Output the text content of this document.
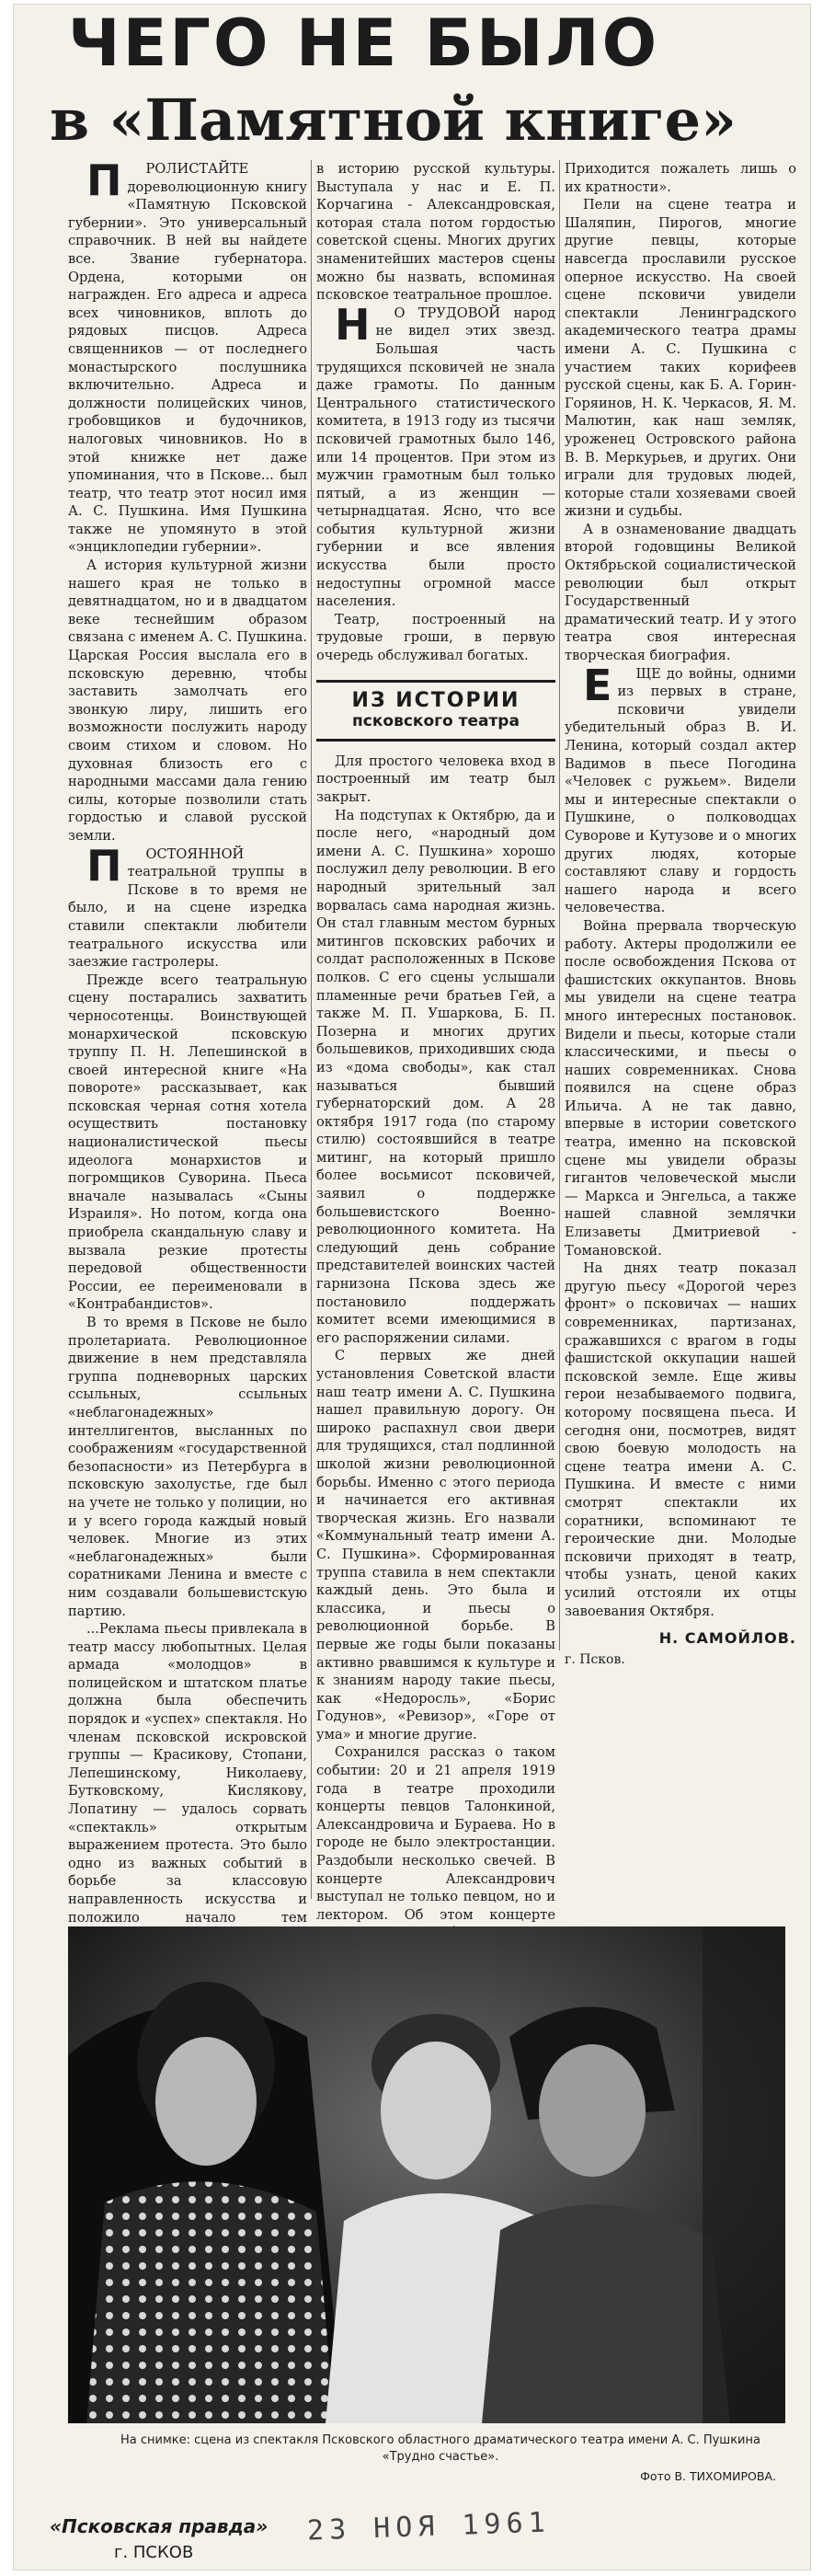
ЧЕГО НЕ БЫЛО
в «Памятной книге»

ПРОЛИСТАЙТЕ дореволюционную книгу «Памятную Псковской губернии». Это универсальный справочник. В ней вы найдете все. Звание губернатора. Ордена, которыми он награжден. Его адреса и адреса всех чиновников, вплоть до рядовых писцов. Адреса священников — от последнего монастырского послушника включительно. Адреса и должности полицейских чинов, гробовщиков и будочников, налоговых чиновников. Но в этой книжке нет даже упоминания, что в Пскове... был театр, что театр этот носил имя А. С. Пушкина. Имя Пушкина также не упомянуто в этой «энциклопедии губернии».

А история культурной жизни нашего края не только в девятнадцатом, но и в двадцатом веке теснейшим образом связана с именем А. С. Пушкина. Царская Россия выслала его в псковскую деревню, чтобы заставить замолчать его звонкую лиру, лишить его возможности послужить народу своим стихом и словом. Но духовная близость его с народными массами дала гению силы, которые позволили стать гордостью и славой русской земли.

ПОСТОЯННОЙ театральной труппы в Пскове в то время не было, и на сцене изредка ставили спектакли любители театрального искусства или заезжие гастролеры.

Прежде всего театральную сцену постарались захватить черносотенцы. Воинствующей монархической псковскую труппу П. Н. Лепешинской в своей интересной книге «На повороте» рассказывает, как псковская черная сотня хотела осуществить постановку националистической пьесы идеолога монархистов и погромщиков Суворина. Пьеса вначале называлась «Сыны Израиля». Но потом, когда она приобрела скандальную славу и вызвала резкие протесты передовой общественности России, ее переименовали в «Контрабандистов».

В то время в Пскове не было пролетариата. Революционное движение в нем представляла группа подневорных царских ссыльных, ссыльных «неблагонадежных» интеллигентов, высланных по соображениям «государственной безопасности» из Петербурга в псковскую захолустье, где был на учете не только у полиции, но и у всего города каждый новый человек. Многие из этих «неблагонадежных» были соратниками Ленина и вместе с ним создавали большевистскую партию.

...Реклама пьесы привлекала в театр массу любопытных. Целая армада «молодцов» в полицейском и штатском платье должна была обеспечить порядок и «успех» спектакля. Но членам псковской искровской группы — Красикову, Стопани, Лепешинскому, Николаеву, Бутковскому, Кислякову, Лопатину — удалось сорвать «спектакль» открытым выражением протеста. Это было одно из важных событий в борьбе за классовую направленность искусства и положило начало тем

в историю русской культуры. Выступала у нас и Е. П. Корчагина - Александровская, которая стала потом гордостью советской сцены. Многих других знаменитейших мастеров сцены можно бы назвать, вспоминая псковское театральное прошлое.

НО ТРУДОВОЙ народ не видел этих звезд. Большая часть трудящихся псковичей не знала даже грамоты. По данным Центрального статистического комитета, в 1913 году из тысячи псковичей грамотных было 146, или 14 процентов. При этом из мужчин грамотным был только пятый, а из женщин — четырнадцатая. Ясно, что все события культурной жизни губернии и все явления искусства были просто недоступны огромной массе населения.

Театр, построенный на трудовые гроши, в первую очередь обслуживал богатых.

ИЗ ИСТОРИИ
псковского театра

Для простого человека вход в построенный им театр был закрыт.

На подступах к Октябрю, да и после него, «народный дом имени А. С. Пушкина» хорошо послужил делу революции. В его народный зрительный зал ворвалась сама народная жизнь. Он стал главным местом бурных митингов псковских рабочих и солдат расположенных в Пскове полков. С его сцены услышали пламенные речи братьев Гей, а также М. П. Ушаркова, Б. П. Позерна и многих других большевиков, приходивших сюда из «дома свободы», как стал называться бывший губернаторский дом. А 28 октября 1917 года (по старому стилю) состоявшийся в театре митинг, на который пришло более восьмисот псковичей, заявил о поддержке большевистского Военно-революционного комитета. На следующий день собрание представителей воинских частей гарнизона Пскова здесь же постановило поддержать комитет всеми имеющимися в его распоряжении силами.

С первых же дней установления Советской власти наш театр имени А. С. Пушкина нашел правильную дорогу. Он широко распахнул свои двери для трудящихся, стал подлинной школой жизни революционной борьбы. Именно с этого периода и начинается его активная творческая жизнь. Его назвали «Коммунальный театр имени А. С. Пушкина». Сформированная труппа ставила в нем спектакли каждый день. Это была и классика, и пьесы о революционной борьбе. В первые же годы были показаны активно рвавшимся к культуре и к знаниям народу такие пьесы, как «Недоросль», «Борис Годунов», «Ревизор», «Горе от ума» и многие другие.

Сохранился рассказ о таком событии: 20 и 21 апреля 1919 года в театре проходили концерты певцов Талонкиной, Александровича и Бураева. Но в городе не было электростанции. Раздобыли несколько свечей. В концерте Александрович выступал не только певцом, но и лектором. Об этом концерте

Приходится пожалеть лишь о их кратности».

Пели на сцене театра и Шаляпин, Пирогов, многие другие певцы, которые навсегда прославили русское оперное искусство. На своей сцене псковичи увидели спектакли Ленинградского академического театра драмы имени А. С. Пушкина с участием таких корифеев русской сцены, как Б. А. Горин-Горяинов, Н. К. Черкасов, Я. М. Малютин, как наш земляк, уроженец Островского района В. В. Меркурьев, и других. Они играли для трудовых людей, которые стали хозяевами своей жизни и судьбы.

А в ознаменование двадцать второй годовщины Великой Октябрьской социалистической революции был открыт Государственный драматический театр. И у этого театра своя интересная творческая биография.

ЕЩЕ до войны, одними из первых в стране, псковичи увидели убедительный образ В. И. Ленина, который создал актер Вадимов в пьесе Погодина «Человек с ружьем». Видели мы и интересные спектакли о Пушкине, о полководцах Суворове и Кутузове и о многих других людях, которые составляют славу и гордость нашего народа и всего человечества.

Война прервала творческую работу. Актеры продолжили ее после освобождения Пскова от фашистских оккупантов. Вновь мы увидели на сцене театра много интересных постановок. Видели и пьесы, которые стали классическими, и пьесы о наших современниках. Снова появился на сцене образ Ильича. А не так давно, впервые в истории советского театра, именно на псковской сцене мы увидели образы гигантов человеческой мысли — Маркса и Энгельса, а также нашей славной землячки Елизаветы Дмитриевой - Томановской.

На днях театр показал другую пьесу «Дорогой через фронт» о псковичах — наших современниках, партизанах, сражавшихся с врагом в годы фашистской оккупации нашей псковской земле. Еще живы герои незабываемого подвига, которому посвящена пьеса. И сегодня они, посмотрев, видят свою боевую молодость на сцене театра имени А. С. Пушкина. И вместе с ними смотрят спектакли их соратники, вспоминают те героические дни. Молодые псковичи приходят в театр, чтобы узнать, ценой каких усилий отстояли их отцы завоевания Октября.

Н. САМОЙЛОВ.
г. Псков.
На снимке: сцена из спектакля Псковского областного драматического театра имени А. С. Пушкина «Трудно счастье».
Фото В. ТИХОМИРОВА.
«Псковская правда» 23 НОЯ 1961
г. ПСКОВ
